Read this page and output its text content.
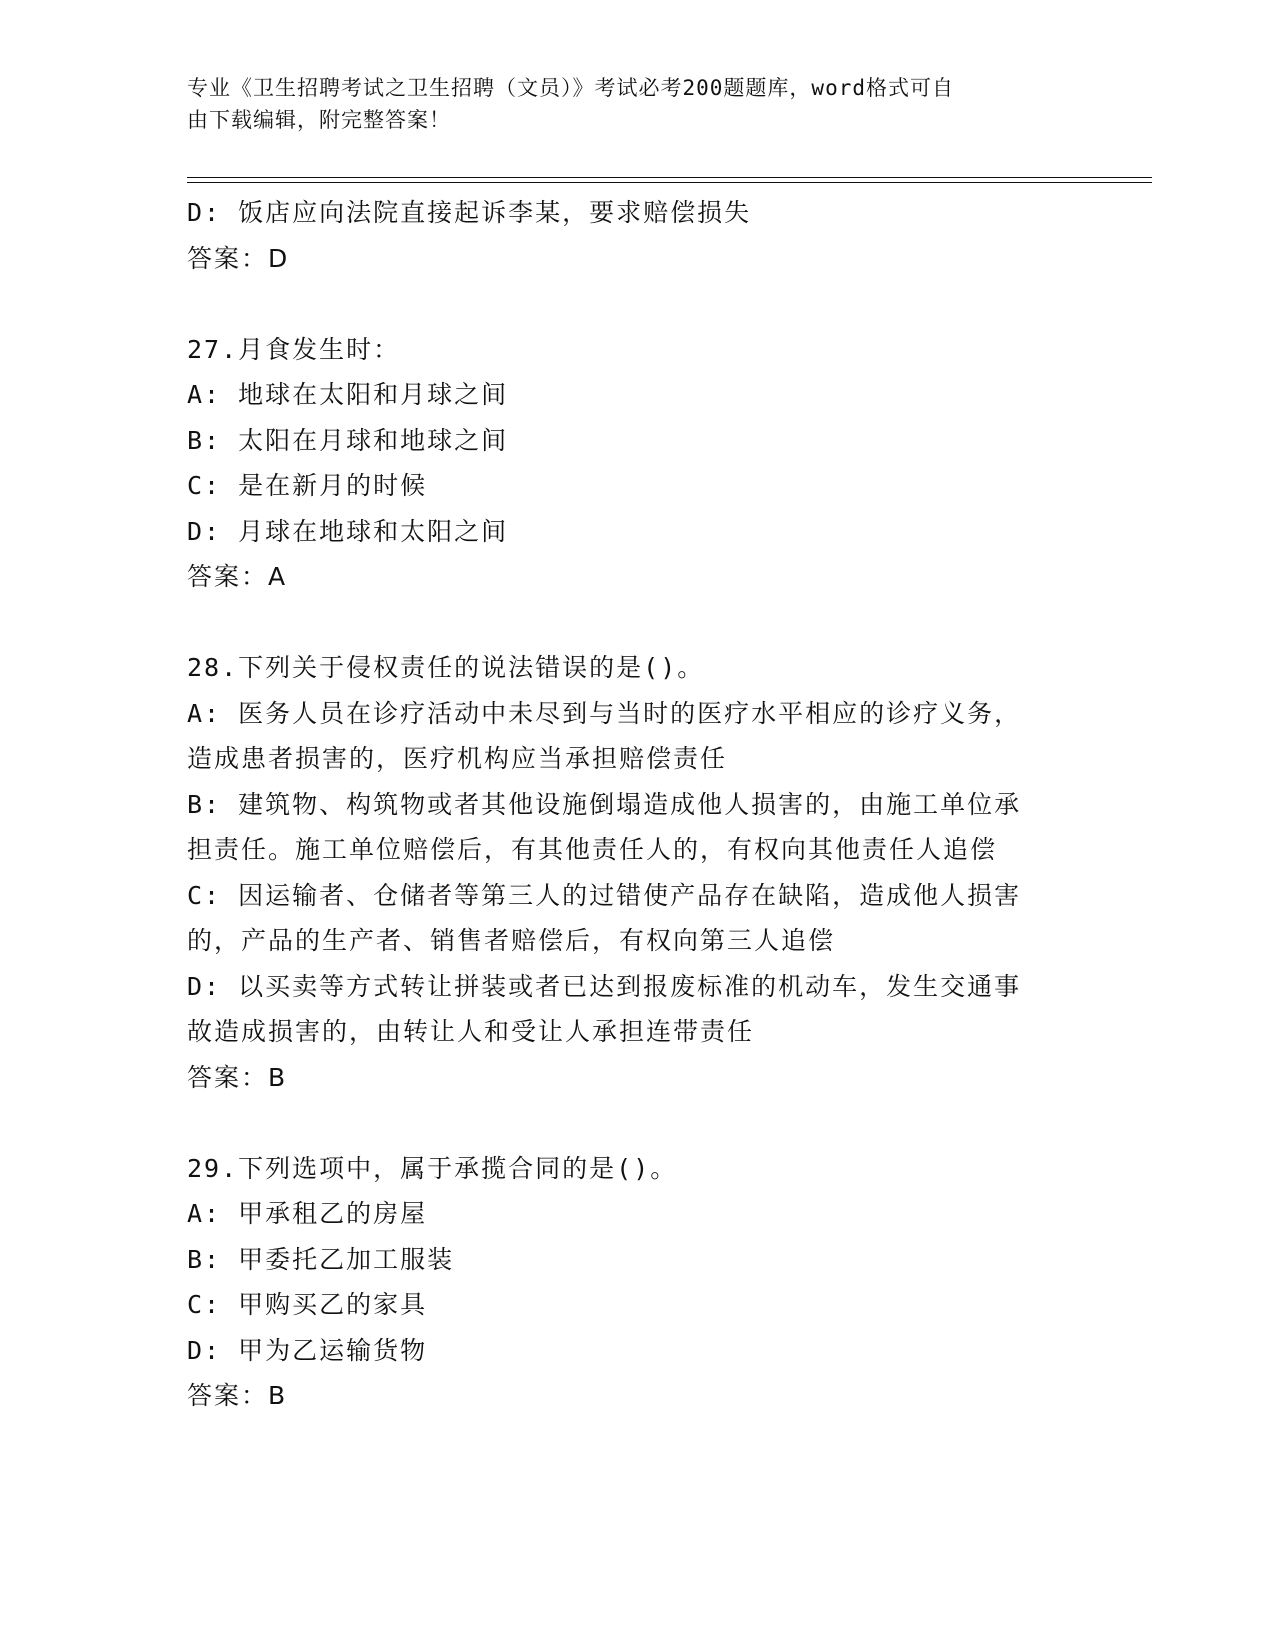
专业《卫生招聘考试之卫生招聘（文员）》考试必考200题题库，word格式可自
由下载编辑，附完整答案！
D: 饭店应向法院直接起诉李某，要求赔偿损失
答案：D
27.月食发生时：
A: 地球在太阳和月球之间
B: 太阳在月球和地球之间
C: 是在新月的时候
D: 月球在地球和太阳之间
答案：A
28.下列关于侵权责任的说法错误的是()。
A: 医务人员在诊疗活动中未尽到与当时的医疗水平相应的诊疗义务，
造成患者损害的，医疗机构应当承担赔偿责任
B: 建筑物、构筑物或者其他设施倒塌造成他人损害的，由施工单位承
担责任。施工单位赔偿后，有其他责任人的，有权向其他责任人追偿
C: 因运输者、仓储者等第三人的过错使产品存在缺陷，造成他人损害
的，产品的生产者、销售者赔偿后，有权向第三人追偿
D: 以买卖等方式转让拼装或者已达到报废标准的机动车，发生交通事
故造成损害的，由转让人和受让人承担连带责任
答案：B
29.下列选项中，属于承揽合同的是()。
A: 甲承租乙的房屋
B: 甲委托乙加工服装
C: 甲购买乙的家具
D: 甲为乙运输货物
答案：B
